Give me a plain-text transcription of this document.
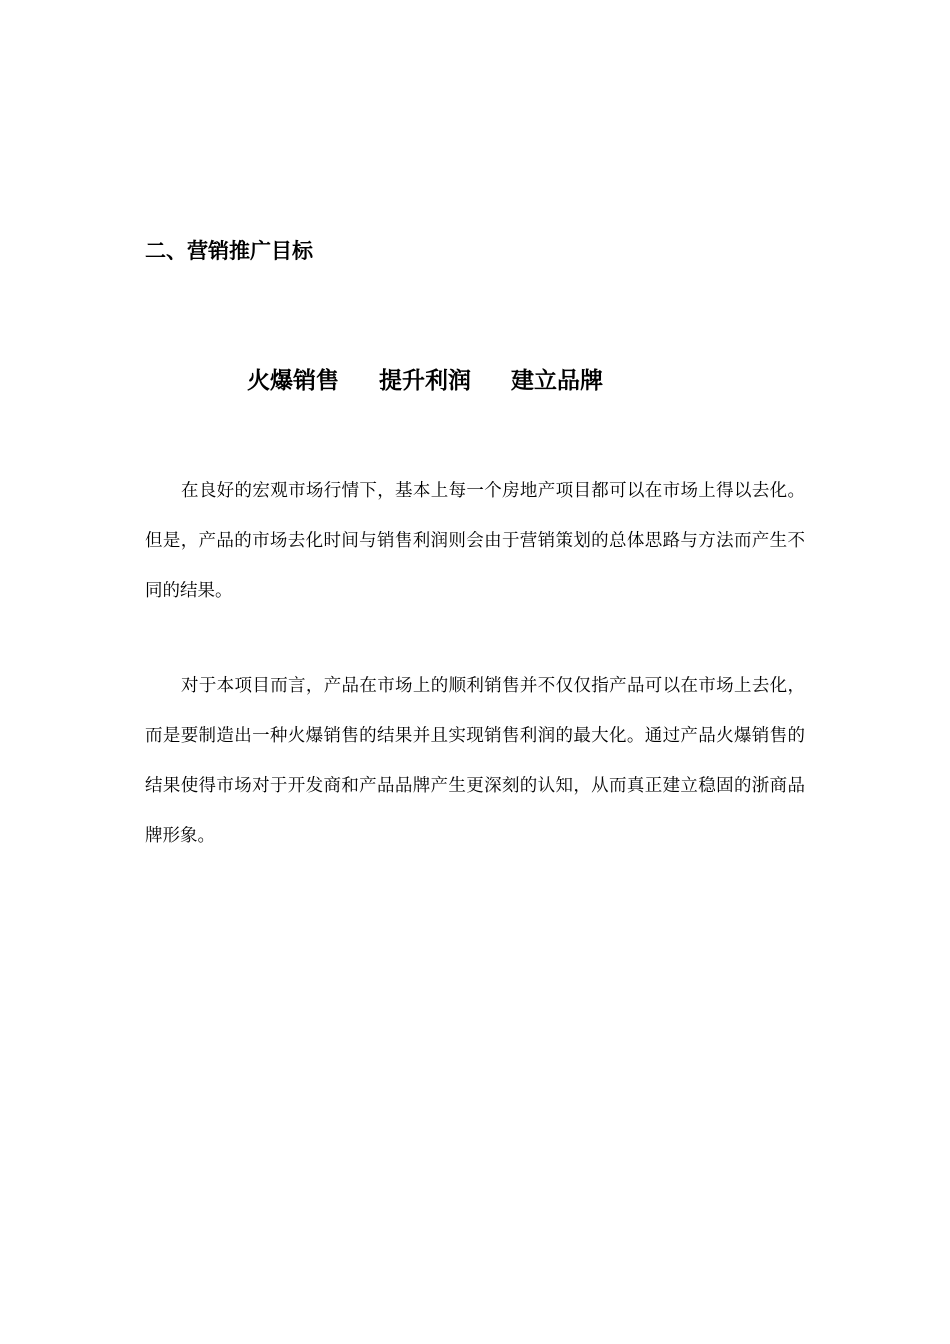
二、营销推广目标
火爆销售 提升利润 建立品牌

在良好的宏观市场行情下，基本上每一个房地产项目都可以在市场上得以去化。但是，产品的市场去化时间与销售利润则会由于营销策划的总体思路与方法而产生不同的结果。

对于本项目而言，产品在市场上的顺利销售并不仅仅指产品可以在市场上去化，而是要制造出一种火爆销售的结果并且实现销售利润的最大化。通过产品火爆销售的结果使得市场对于开发商和产品品牌产生更深刻的认知，从而真正建立稳固的浙商品牌形象。
